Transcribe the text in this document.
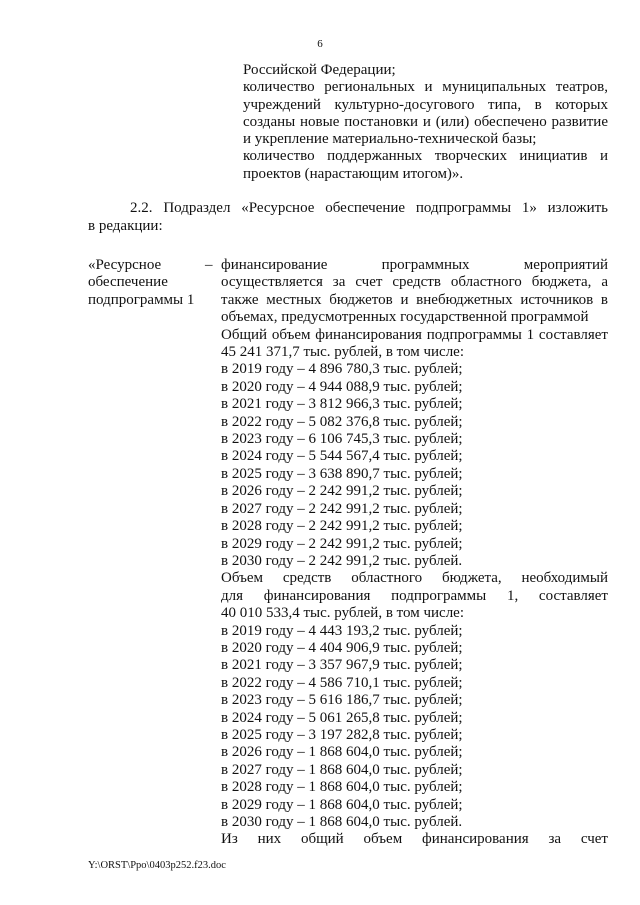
6
Российской Федерации;
количество региональных и муниципальных театров, учреждений культурно-досугового типа, в которых созданы новые постановки и (или) обеспечено развитие и укрепление материально-технической базы;
количество поддержанных творческих инициатив и проектов (нарастающим итогом)».
2.2. Подраздел «Ресурсное обеспечение подпрограммы 1» изложить
в редакции:
«Ресурсное
обеспечение
подпрограммы 1
– финансирование программных мероприятий осуществляется за счет средств областного бюджета, а также местных бюджетов и внебюджетных источников в объемах, предусмотренных государственной программой
Общий объем финансирования подпрограммы 1 составляет
45 241 371,7 тыс. рублей, в том числе:
в 2019 году – 4 896 780,3 тыс. рублей;
в 2020 году – 4 944 088,9 тыс. рублей;
в 2021 году – 3 812 966,3 тыс. рублей;
в 2022 году – 5 082 376,8 тыс. рублей;
в 2023 году – 6 106 745,3 тыс. рублей;
в 2024 году – 5 544 567,4 тыс. рублей;
в 2025 году – 3 638 890,7 тыс. рублей;
в 2026 году – 2 242 991,2 тыс. рублей;
в 2027 году – 2 242 991,2 тыс. рублей;
в 2028 году – 2 242 991,2 тыс. рублей;
в 2029 году – 2 242 991,2 тыс. рублей;
в 2030 году – 2 242 991,2 тыс. рублей.
Объем средств областного бюджета, необходимый
для финансирования подпрограммы 1, составляет
40 010 533,4 тыс. рублей, в том числе:
в 2019 году – 4 443 193,2 тыс. рублей;
в 2020 году – 4 404 906,9 тыс. рублей;
в 2021 году – 3 357 967,9 тыс. рублей;
в 2022 году – 4 586 710,1 тыс. рублей;
в 2023 году – 5 616 186,7 тыс. рублей;
в 2024 году – 5 061 265,8 тыс. рублей;
в 2025 году – 3 197 282,8 тыс. рублей;
в 2026 году – 1 868 604,0 тыс. рублей;
в 2027 году – 1 868 604,0 тыс. рублей;
в 2028 году – 1 868 604,0 тыс. рублей;
в 2029 году – 1 868 604,0 тыс. рублей;
в 2030 году – 1 868 604,0 тыс. рублей.
Из них общий объем финансирования за счет
Y:\ORST\Ppo\0403p252.f23.doc
